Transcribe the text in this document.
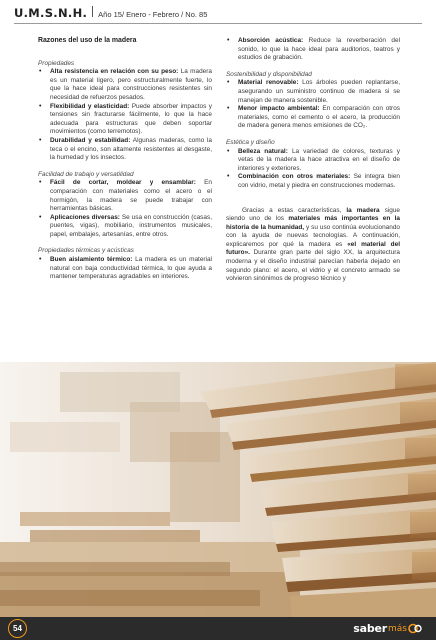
U.M.S.N.H. Año 15/ Enero - Febrero / No. 85

Razones del uso de la madera

Propiedades

• Alta resistencia en relación con su peso: La madera es un material ligero, pero estructuralmente fuerte, lo que la hace ideal para construcciones resistentes sin necesidad de refuerzos pesados.
• Flexibilidad y elasticidad: Puede absorber impactos y tensiones sin fracturarse fácilmente, lo que la hace adecuada para estructuras que deben soportar movimientos (como terremotos).
• Durabilidad y estabilidad: Algunas maderas, como la teca o el encino, son altamente resistentes al desgaste, la humedad y los insectos.

Facilidad de trabajo y versatilidad

• Fácil de cortar, moldear y ensamblar: En comparación con materiales como el acero o el hormigón, la madera se puede trabajar con herramientas básicas.
• Aplicaciones diversas: Se usa en construcción (casas, puentes, vigas), mobiliario, instrumentos musicales, papel, embalajes, artesanías, entre otros.

Propiedades térmicas y acústicas

• Buen aislamiento térmico: La madera es un material natural con baja conductividad térmica, lo que ayuda a mantener temperaturas agradables en interiores.
• Absorción acústica: Reduce la reverberación del sonido, lo que la hace ideal para auditorios, teatros y estudios de grabación.

Sostenibilidad y disponibilidad

• Material renovable: Los árboles pueden replantarse, asegurando un suministro continuo de madera si se manejan de manera sostenible.
• Menor impacto ambiental: En comparación con otros materiales, como el cemento o el acero, la producción de madera genera menos emisiones de CO₂.

Estética y diseño

• Belleza natural: La variedad de colores, texturas y vetas de la madera la hace atractiva en el diseño de interiores y exteriores.
• Combinación con otros materiales: Se integra bien con vidrio, metal y piedra en construcciones modernas.

Gracias a estas características, la madera sigue siendo uno de los materiales más importantes en la historia de la humanidad, y su uso continúa evolucionando con la ayuda de nuevas tecnologías. A continuación, explicaremos por qué la madera es «el material del futuro». Durante gran parte del siglo XX, la arquitectura moderna y el diseño industrial parecían haberla dejado en segundo plano: el acero, el vidrio y el concreto armado se volvieron sinónimos de progreso técnico y

54	saber más
